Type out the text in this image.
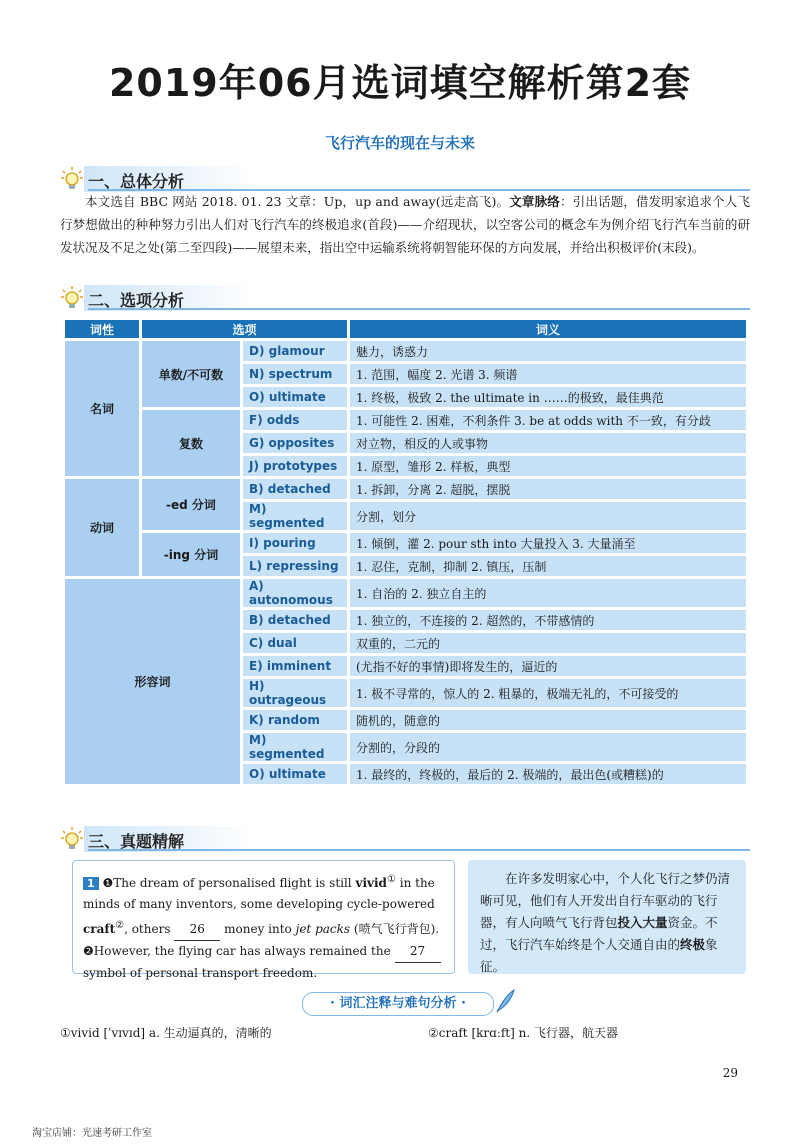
2019年06月选词填空解析第2套
飞行汽车的现在与未来
一、总体分析
本文选自 BBC 网站 2018. 01. 23 文章：Up，up and away(远走高飞)。文章脉络：引出话题，借发明家追求个人飞行梦想做出的种种努力引出人们对飞行汽车的终极追求(首段)——介绍现状，以空客公司的概念车为例介绍飞行汽车当前的研发状况及不足之处(第二至四段)——展望未来，指出空中运输系统将朝智能环保的方向发展，并给出积极评价(末段)。
二、选项分析
词性	选项		词义
名词	单数/不可数	D) glamour	魅力，诱惑力
		N) spectrum	1. 范围，幅度 2. 光谱 3. 频谱
		O) ultimate	1. 终极，极致 2. the ultimate in ……的极致，最佳典范
	复数	F) odds	1. 可能性 2. 困难，不利条件 3. be at odds with 不一致，有分歧
		G) opposites	对立物，相反的人或事物
		J) prototypes	1. 原型，雏形 2. 样板，典型
动词	-ed 分词	B) detached	1. 拆卸，分离 2. 超脱，摆脱
		M) segmented	分割，划分
	-ing 分词	I) pouring	1. 倾倒，灌 2. pour sth into 大量投入 3. 大量涌至
		L) repressing	1. 忍住，克制，抑制 2. 镇压，压制
形容词		A) autonomous	1. 自治的 2. 独立自主的
		B) detached	1. 独立的，不连接的 2. 超然的，不带感情的
		C) dual	双重的，二元的
		E) imminent	(尤指不好的事情)即将发生的，逼近的
		H) outrageous	1. 极不寻常的，惊人的 2. 粗暴的，极端无礼的，不可接受的
		K) random	随机的，随意的
		M) segmented	分割的，分段的
		O) ultimate	1. 最终的，终极的，最后的 2. 极端的，最出色(或糟糕)的
三、真题精解
1 ❶The dream of personalised flight is still vivid① in the minds of many inventors, some developing cycle-powered craft②, others 26 money into jet packs (喷气飞行背包). ❷However, the flying car has always remained the 27 symbol of personal transport freedom.
在许多发明家心中，个人化飞行之梦仍清晰可见，他们有人开发出自行车驱动的飞行器，有人向喷气飞行背包投入大量资金。不过，飞行汽车始终是个人交通自由的终极象征。
· 词汇注释与难句分析 ·
①vivid [ˈvɪvɪd] a. 生动逼真的，清晰的	②craft [krɑːft] n. 飞行器，航天器
29
淘宝店铺：光速考研工作室
